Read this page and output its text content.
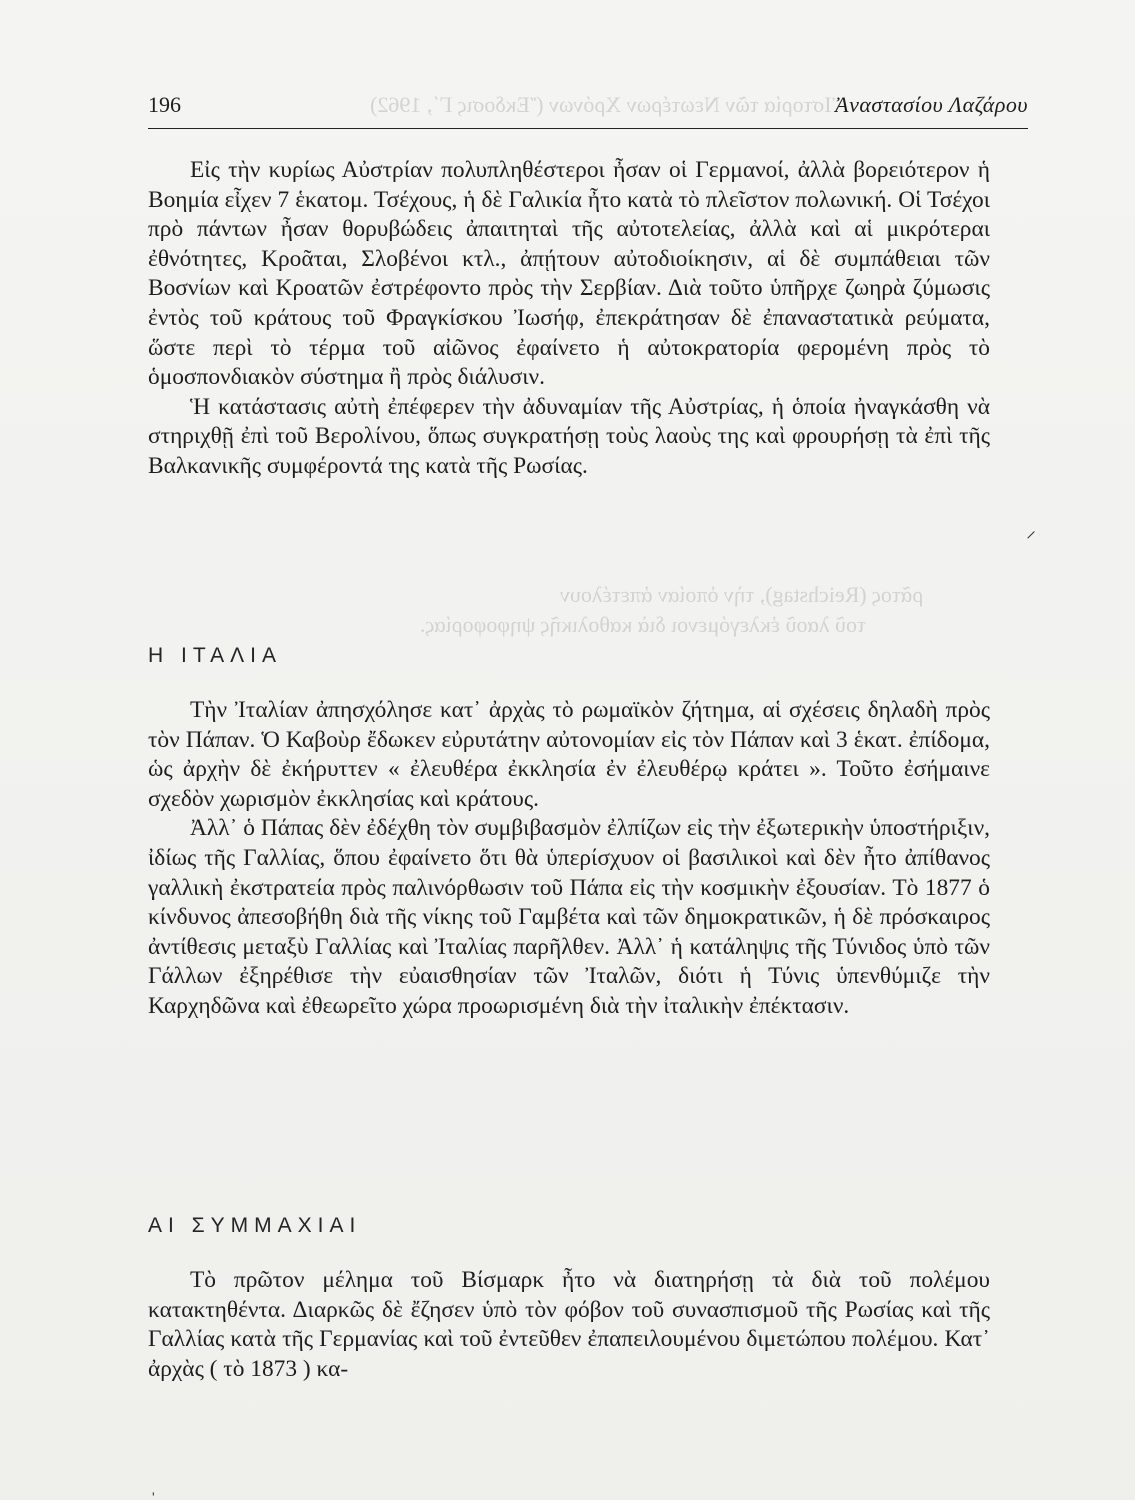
Ἱστορία τῶν Νεωτέρων Χρόνων (Ἔκδοσις Γ΄, 1962)
ρᾶτος (Reichstag), τὴν ὁποίαν ἀπετέλουν
τοῦ λαοῦ ἐκλεγόμενοι διὰ καθολικῆς ψηφοφορίας.
196	Ἀναστασίου Λαζάρου

Εἰς τὴν κυρίως Αὐστρίαν πολυπληθέστεροι ἦσαν οἱ Γερμανοί, ἀλλὰ βορειότερον ἡ Βοημία εἶχεν 7 ἑκατομ. Τσέχους, ἡ δὲ Γαλικία ἦτο κατὰ τὸ πλεῖστον πολωνική. Οἱ Τσέχοι πρὸ πάντων ἦσαν θορυβώδεις ἀπαιτηταὶ τῆς αὐτοτελείας, ἀλλὰ καὶ αἱ μικρότεραι ἐθνότητες, Κροᾶται, Σλοβένοι κτλ., ἀπῄτουν αὐτοδιοίκησιν, αἱ δὲ συμπάθειαι τῶν Βοσνίων καὶ Κροατῶν ἐστρέφοντο πρὸς τὴν Σερβίαν. Διὰ τοῦτο ὑπῆρχε ζωηρὰ ζύμωσις ἐντὸς τοῦ κράτους τοῦ Φραγκίσκου Ἰωσήφ, ἐπεκράτησαν δὲ ἐπαναστατικὰ ρεύματα, ὥστε περὶ τὸ τέρμα τοῦ αἰῶνος ἐφαίνετο ἡ αὐτοκρατορία φερομένη πρὸς τὸ ὁμοσπονδιακὸν σύστημα ἢ πρὸς διάλυσιν.

Ἡ κατάστασις αὐτὴ ἐπέφερεν τὴν ἀδυναμίαν τῆς Αὐστρίας, ἡ ὁποία ἠναγκάσθη νὰ στηριχθῇ ἐπὶ τοῦ Βερολίνου, ὅπως συγκρατήσῃ τοὺς λαοὺς της καὶ φρουρήσῃ τὰ ἐπὶ τῆς Βαλκανικῆς συμφέροντά της κατὰ τῆς Ρωσίας.

⸝
Η ΙΤΑΛΙΑ

Τὴν Ἰταλίαν ἀπησχόλησε κατ᾽ ἀρχὰς τὸ ρωμαϊκὸν ζήτημα, αἱ σχέσεις δηλαδὴ πρὸς τὸν Πάπαν. Ὁ Καβοὺρ ἔδωκεν εὐρυτάτην αὐτονομίαν εἰς τὸν Πάπαν καὶ 3 ἑκατ. ἐπίδομα, ὡς ἀρχὴν δὲ ἐκήρυττεν « ἐλευθέρα ἐκκλησία ἐν ἐλευθέρῳ κράτει ». Τοῦτο ἐσήμαινε σχεδὸν χωρισμὸν ἐκκλησίας καὶ κράτους.

Ἀλλ᾽ ὁ Πάπας δὲν ἐδέχθη τὸν συμβιβασμὸν ἐλπίζων εἰς τὴν ἐξωτερικὴν ὑποστήριξιν, ἰδίως τῆς Γαλλίας, ὅπου ἐφαίνετο ὅτι θὰ ὑπερίσχυον οἱ βασιλικοὶ καὶ δὲν ἦτο ἀπίθανος γαλλικὴ ἐκστρατεία πρὸς παλινόρθωσιν τοῦ Πάπα εἰς τὴν κοσμικὴν ἐξουσίαν. Τὸ 1877 ὁ κίνδυνος ἀπεσοβήθη διὰ τῆς νίκης τοῦ Γαμβέτα καὶ τῶν δημοκρατικῶν, ἡ δὲ πρόσκαιρος ἀντίθεσις μεταξὺ Γαλλίας καὶ Ἰταλίας παρῆλθεν. Ἀλλ᾽ ἡ κατάληψις τῆς Τύνιδος ὑπὸ τῶν Γάλλων ἐξηρέθισε τὴν εὐαισθησίαν τῶν Ἰταλῶν, διότι ἡ Τύνις ὑπενθύμιζε τὴν Καρχηδῶνα καὶ ἐθεωρεῖτο χώρα προωρισμένη διὰ τὴν ἰταλικὴν ἐπέκτασιν.

ΑΙ ΣΥΜΜΑΧΙΑΙ

Τὸ πρῶτον μέλημα τοῦ Βίσμαρκ ἦτο νὰ διατηρήσῃ τὰ διὰ τοῦ πολέμου κατακτηθέντα. Διαρκῶς δὲ ἔζησεν ὑπὸ τὸν φόβον τοῦ συνασπισμοῦ τῆς Ρωσίας καὶ τῆς Γαλλίας κατὰ τῆς Γερμανίας καὶ τοῦ ἐντεῦθεν ἐπαπειλουμένου διμετώπου πολέμου. Κατ᾽ ἀρχὰς ( τὸ 1873 ) κα-

ˌ
